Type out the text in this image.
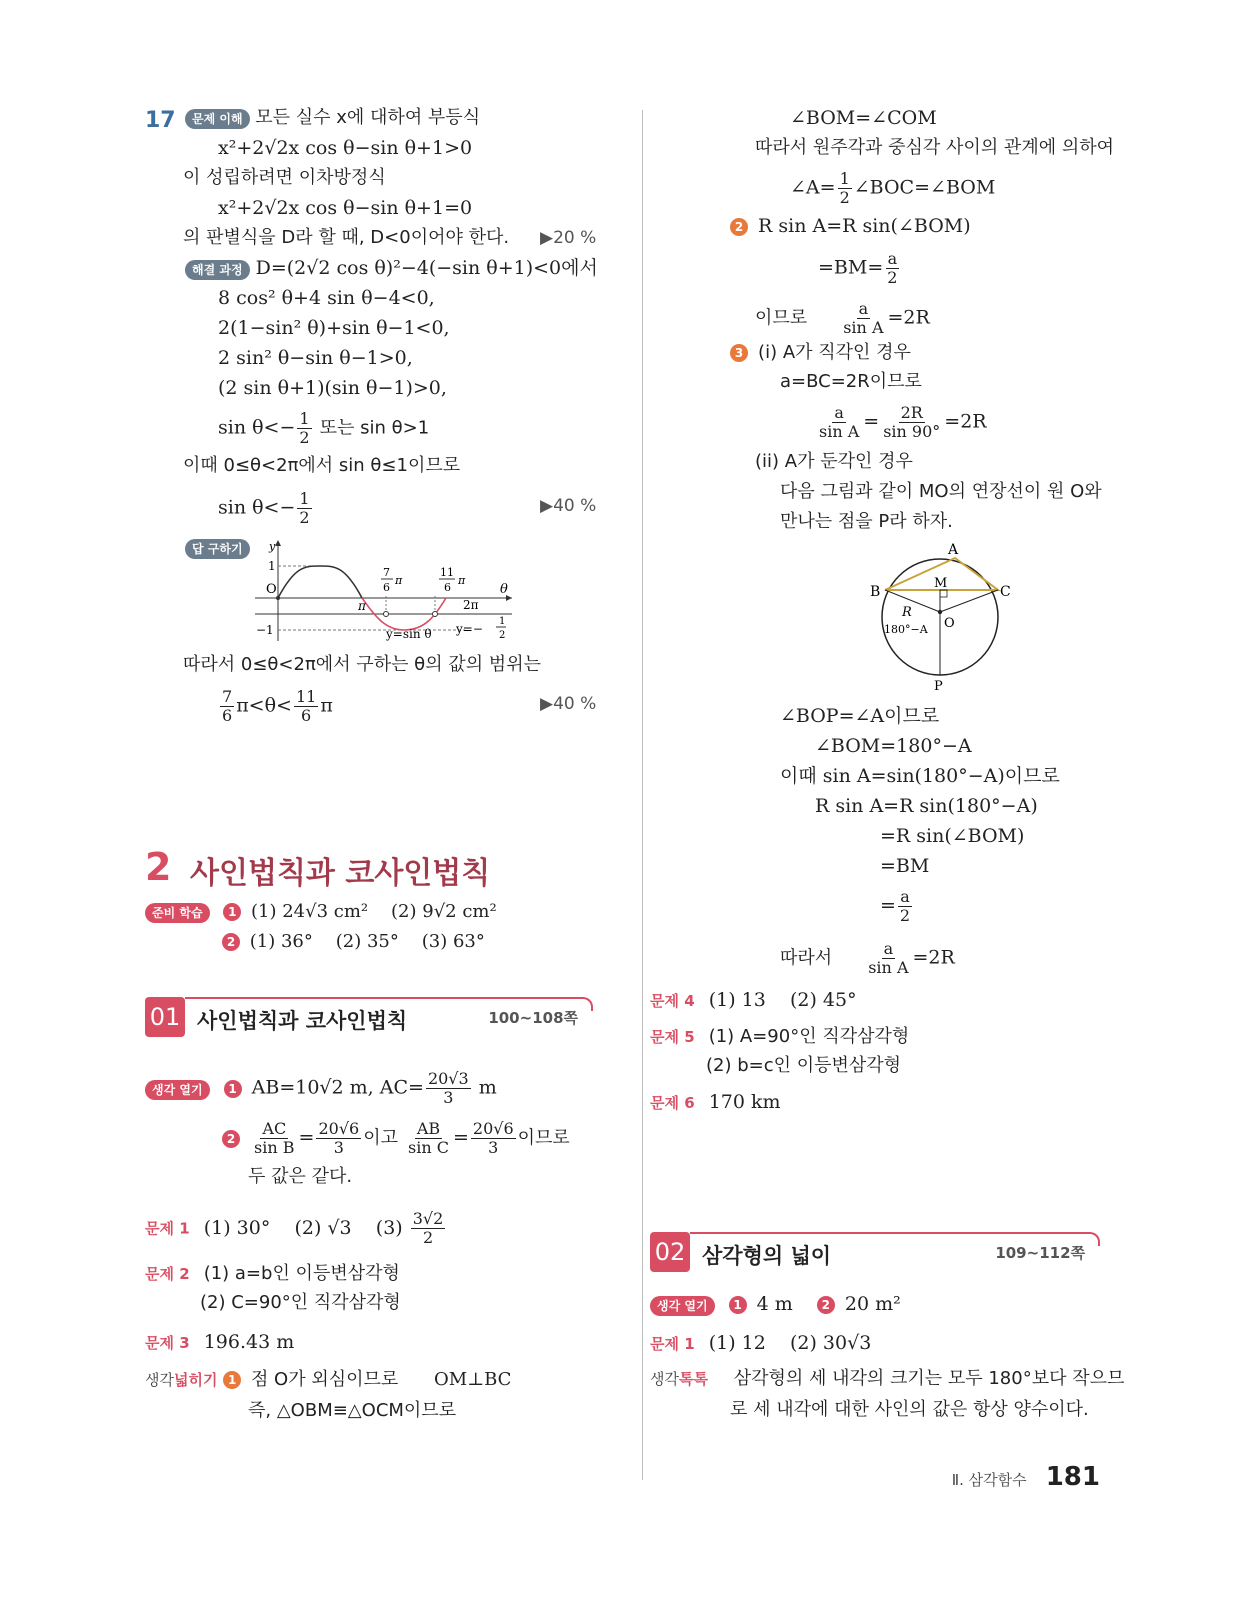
17	문제 이해 모든 실수 x에 대하여 부등식
x²+2√2x cos θ−sin θ+1>0
이 성립하려면 이차방정식
x²+2√2x cos θ−sin θ+1=0
의 판별식을 D라 할 때, D<0이어야 한다. ▶20 %
해결 과정 D=(2√2 cos θ)²−4(−sin θ+1)<0에서
8 cos² θ+4 sin θ−4<0,
2(1−sin² θ)+sin θ−1<0,
2 sin² θ−sin θ−1>0,
(2 sin θ+1)(sin θ−1)>0,
$\sin \theta<- \frac{1}{2}$ 또는 sin θ>1
이때 0≤θ<2π에서 sin θ≤1이므로
$\sin \theta<- \frac{1}{2}$	▶40 %
답 구하기	y
1
O
π	2π
−1
θ
7
6
π
11
6
π
y=sin θ y=−
1
2
따라서 0≤θ<2π에서 구하는 θ의 값의 범위는
$\frac{7}{6} \pi<\theta< \frac{11}{6}$ π	▶40 %
2 사인법칙과 코사인법칙
준비 학습 1 (1) 24√3 cm²    (2) 9√2 cm²
2 (1) 36°    (2) 35°    (3) 63°
01 사인법칙과 코사인법칙	100~108쪽
생각 열기 1 AB=10√2 m, $AC= \frac{20√3}{3}$ m
$2 \frac{AC}{\text{sin B}} = \frac{20√6}{3}$ 이고 $\frac{AB}{\text{sin C}} = \frac{20√6}{3}$ 이므로
두 값은 같다.
문제 1 (1) 30°    (2) √3    $(3) \frac{3√2}{2}$
문제 2 (1) a=b인 이등변삼각형
(2) C=90°인 직각삼각형
문제 3 196.43 m
생각넓히기 1 점 O가 외심이므로 OM⊥BC
즉, △OBM≡△OCM이므로
∠BOM=∠COM
따라서 원주각과 중심각 사이의 관계에 의하여
∠A= $\frac{1}{2}$ ∠BOC=∠BOM
2 R sin A=R sin(∠BOM)
$=BM= \frac{a}{2}$
이므로 $\frac{a}{\text{sin A}} =2R$
3 (i) A가 직각인 경우
a=BC=2R이므로
$\frac{a}{\text{sin A}} = \frac{2R}{\sin 90^\circ} =2R$
(ii) A가 둔각인 경우
다음 그림과 같이 MO의 연장선이 원 O와
만나는 점을 P라 하자.
A
B	C
M
O
P
R
180°−A
∠BOP=∠A이므로
∠BOM=180°−A
이때 sin A=sin(180°−A)이므로
R sin A=R sin(180°−A)
=R sin(∠BOM)
=BM
= $\frac{a}{2}$
따라서 $\frac{a}{\text{sin A}} =2R$
문제 4 (1) 13    (2) 45°
문제 5 (1) A=90°인 직각삼각형
(2) b=c인 이등변삼각형
문제 6 170 km
02 삼각형의 넓이	109~112쪽
생각 열기 1 4 m 2 20 m²
문제 1 (1) 12    (2) 30√3
생각톡톡 삼각형의 세 내각의 크기는 모두 180°보다 작으므
로 세 내각에 대한 사인의 값은 항상 양수이다.
Ⅱ. 삼각함수 181
